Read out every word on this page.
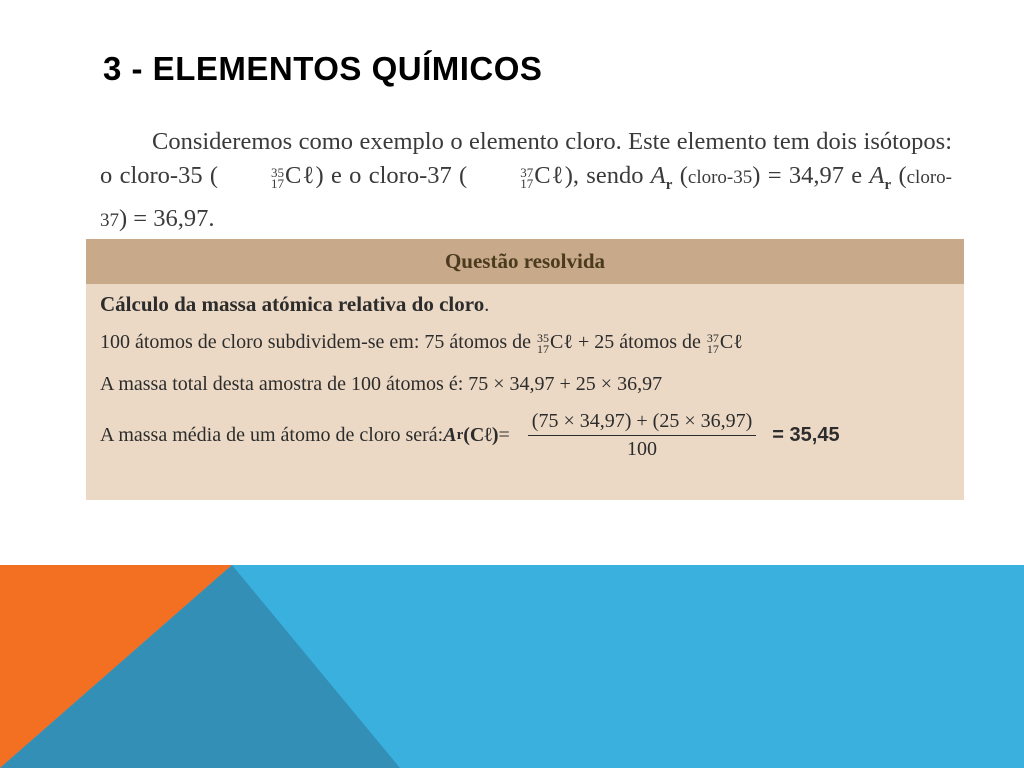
3 - ELEMENTOS QUÍMICOS

Consideremos como exemplo o elemento cloro. Este elemento tem dois isótopos: o cloro-35 (	35
17 Cℓ) e o cloro-37 (	37
17 Cℓ), sendo $A_r$ (cloro-35) = 34,97 e $A_r$ (cloro-37) = 36,97.

Questão resolvida

Cálculo da massa atómica relativa do cloro.

100 átomos de cloro subdividem-se em: 75 átomos de 35
17 Cℓ + 25 átomos de 37
17 Cℓ

A massa total desta amostra de 100 átomos é: 75 × 34,97 + 25 × 36,97

A massa média de um átomo de cloro será: A r (Cℓ) = $\frac{(75 \times 34,97) + (25 \times 36,97)}{100} = 35,45$
